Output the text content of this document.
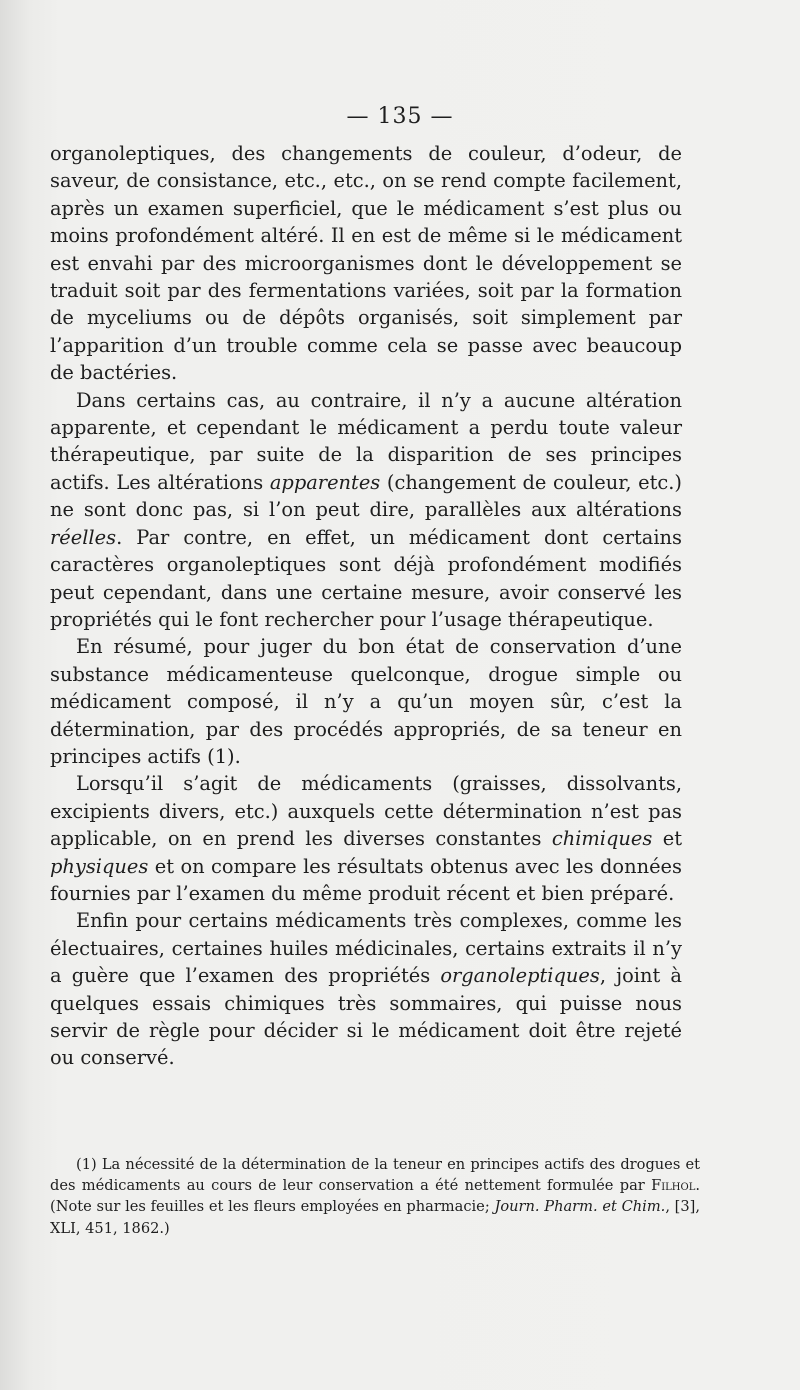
— 135 —

organoleptiques, des changements de couleur, d’odeur, de saveur, de consistance, etc., etc., on se rend compte facilement, après un examen superficiel, que le médicament s’est plus ou moins profondément altéré. Il en est de même si le médicament est envahi par des microorganismes dont le développement se traduit soit par des fermentations variées, soit par la formation de myceliums ou de dépôts organisés, soit simplement par l’apparition d’un trouble comme cela se passe avec beaucoup de bactéries.

Dans certains cas, au contraire, il n’y a aucune altération apparente, et cependant le médicament a perdu toute valeur thérapeutique, par suite de la disparition de ses principes actifs. Les altérations apparentes (changement de couleur, etc.) ne sont donc pas, si l’on peut dire, parallèles aux altérations réelles. Par contre, en effet, un médicament dont certains caractères organoleptiques sont déjà profondément modifiés peut cependant, dans une certaine mesure, avoir conservé les propriétés qui le font rechercher pour l’usage thérapeutique.

En résumé, pour juger du bon état de conservation d’une substance médicamenteuse quelconque, drogue simple ou médicament composé, il n’y a qu’un moyen sûr, c’est la détermination, par des procédés appropriés, de sa teneur en principes actifs (1).

Lorsqu’il s’agit de médicaments (graisses, dissolvants, excipients divers, etc.) auxquels cette détermination n’est pas applicable, on en prend les diverses constantes chimiques et physiques et on compare les résultats obtenus avec les données fournies par l’examen du même produit récent et bien préparé.

Enfin pour certains médicaments très complexes, comme les électuaires, certaines huiles médicinales, certains extraits il n’y a guère que l’examen des propriétés organoleptiques, joint à quelques essais chimiques très sommaires, qui puisse nous servir de règle pour décider si le médicament doit être rejeté ou conservé.

(1) La nécessité de la détermination de la teneur en principes actifs des drogues et des médicaments au cours de leur conservation a été nettement formulée par Filhol. (Note sur les feuilles et les fleurs employées en pharmacie; Journ. Pharm. et Chim., [3], XLI, 451, 1862.)
